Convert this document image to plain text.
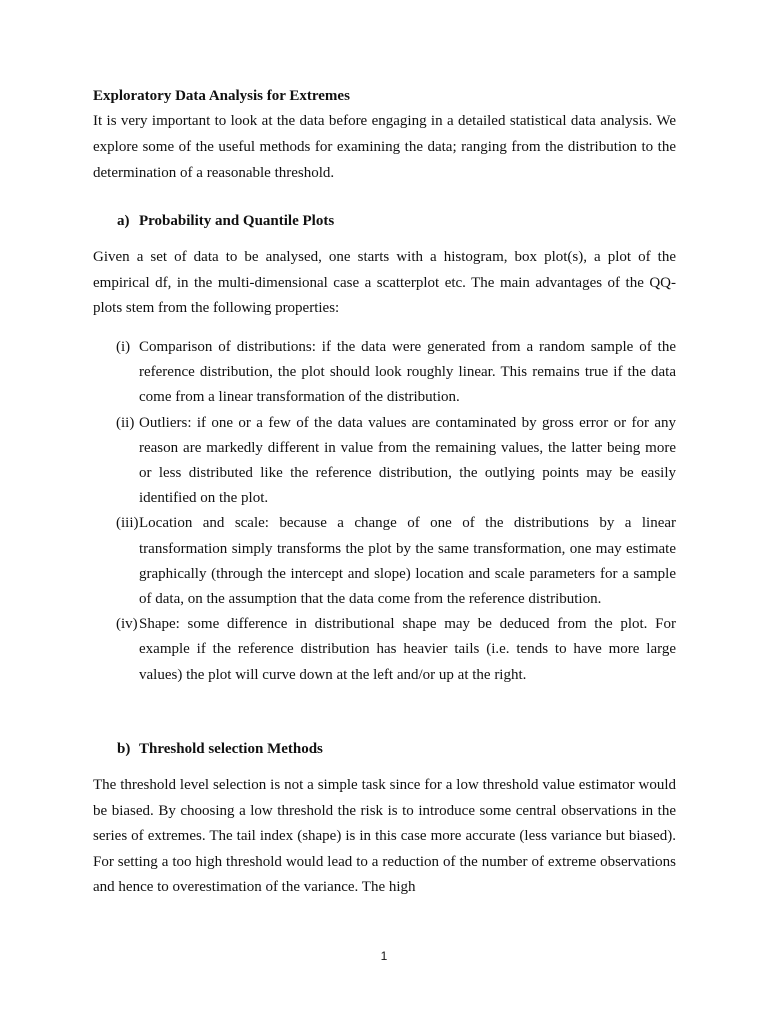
Exploratory Data Analysis for Extremes
It is very important to look at the data before engaging in a detailed statistical data analysis. We explore some of the useful methods for examining the data; ranging from the distribution to the determination of a reasonable threshold.
a) Probability and Quantile Plots
Given a set of data to be analysed, one starts with a histogram, box plot(s), a plot of the empirical df, in the multi-dimensional case a scatterplot etc. The main advantages of the QQ-plots stem from the following properties:
(i) Comparison of distributions: if the data were generated from a random sample of the reference distribution, the plot should look roughly linear. This remains true if the data come from a linear transformation of the distribution.
(ii) Outliers: if one or a few of the data values are contaminated by gross error or for any reason are markedly different in value from the remaining values, the latter being more or less distributed like the reference distribution, the outlying points may be easily identified on the plot.
(iii) Location and scale: because a change of one of the distributions by a linear transformation simply transforms the plot by the same transformation, one may estimate graphically (through the intercept and slope) location and scale parameters for a sample of data, on the assumption that the data come from the reference distribution.
(iv) Shape: some difference in distributional shape may be deduced from the plot. For example if the reference distribution has heavier tails (i.e. tends to have more large values) the plot will curve down at the left and/or up at the right.
b) Threshold selection Methods
The threshold level selection is not a simple task since for a low threshold value estimator would be biased. By choosing a low threshold the risk is to introduce some central observations in the series of extremes. The tail index (shape) is in this case more accurate (less variance but biased). For setting a too high threshold would lead to a reduction of the number of extreme observations and hence to overestimation of the variance. The high
1
